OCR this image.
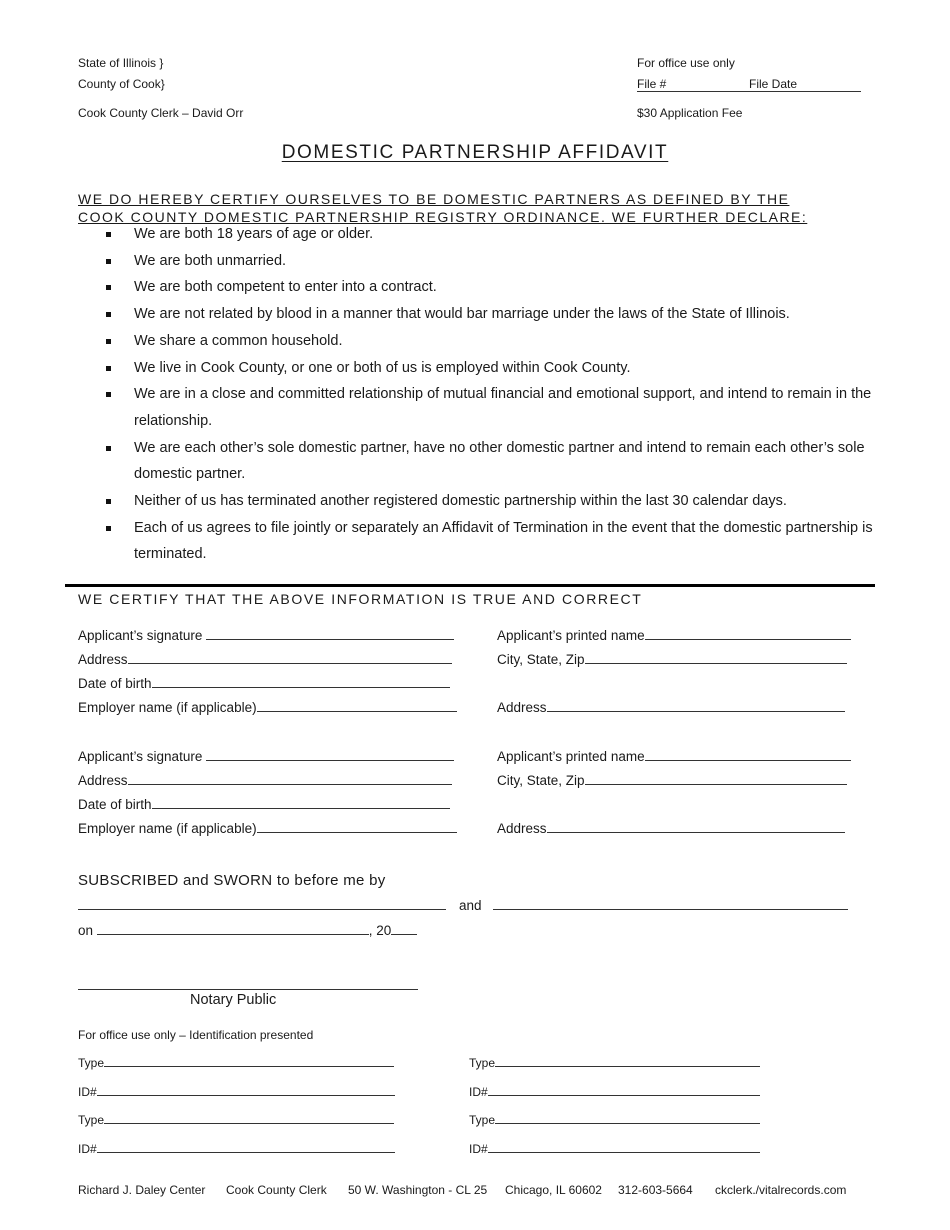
State of Illinois }
County of Cook}
Cook County Clerk – David Orr
For office use only
File #	File Date
$30 Application Fee
DOMESTIC PARTNERSHIP AFFIDAVIT
WE DO HEREBY CERTIFY OURSELVES TO BE DOMESTIC PARTNERS AS DEFINED BY THE COOK COUNTY DOMESTIC PARTNERSHIP REGISTRY ORDINANCE. WE FURTHER DECLARE:
We are both 18 years of age or older.
We are both unmarried.
We are both competent to enter into a contract.
We are not related by blood in a manner that would bar marriage under the laws of the State of Illinois.
We share a common household.
We live in Cook County, or one or both of us is employed within Cook County.
We are in a close and committed relationship of mutual financial and emotional support, and intend to remain in the relationship.
We are each other’s sole domestic partner, have no other domestic partner and intend to remain each other’s sole domestic partner.
Neither of us has terminated another registered domestic partnership within the last 30 calendar days.
Each of us agrees to file jointly or separately an Affidavit of Termination in the event that the domestic partnership is terminated.
WE CERTIFY THAT THE ABOVE INFORMATION IS TRUE AND CORRECT
Applicant’s signature
Address
Date of birth
Employer name (if applicable)
Applicant’s printed name
City, State, Zip
Address
Applicant’s signature
Address
Date of birth
Employer name (if applicable)
Applicant’s printed name
City, State, Zip
Address
SUBSCRIBED and SWORN to before me by
and
on	, 20
Notary Public
For office use only – Identification presented
Type
ID#
Type
ID#
Type
ID#
Type
ID#
Richard J. Daley Center Cook County Clerk 50 W. Washington - CL 25 Chicago, IL 60602 312-603-5664 ckclerk./vitalrecords.com
